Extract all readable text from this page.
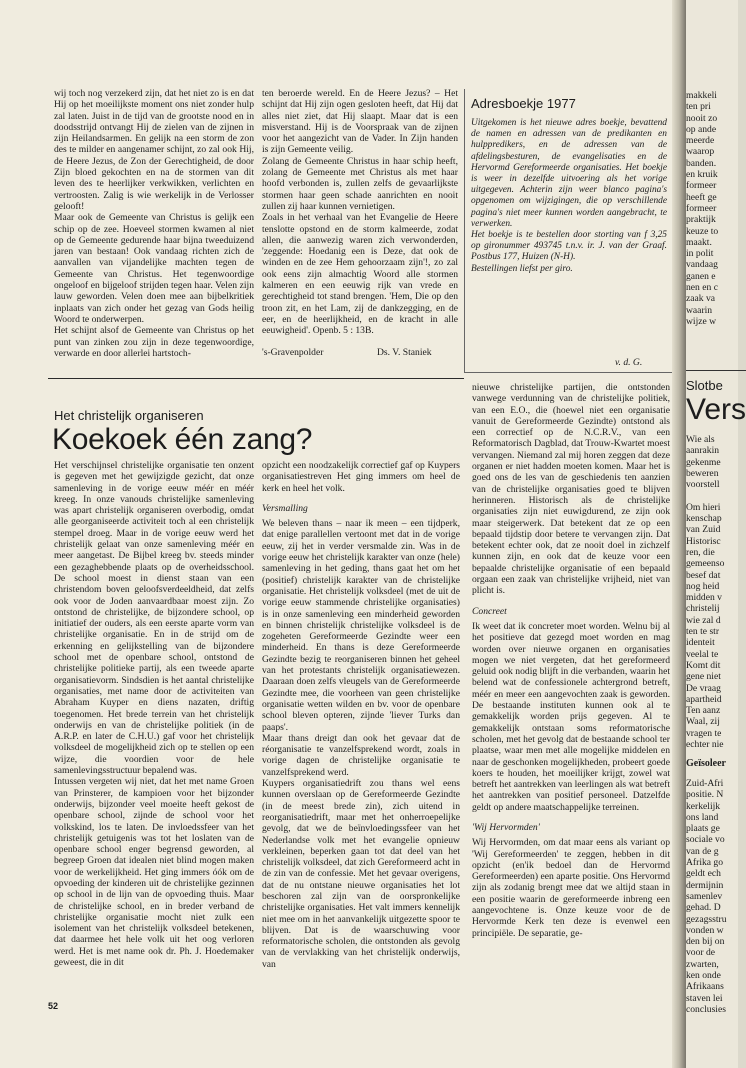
wij toch nog verzekerd zijn, dat het niet zo is en dat Hij op het moeilijkste moment ons niet zonder hulp zal laten. Juist in de tijd van de grootste nood en in doodsstrijd ontvangt Hij de zielen van de zijnen in zijn Heilandsarmen. En gelijk na een storm de zon des te milder en aangenamer schijnt, zo zal ook Hij, de Heere Jezus, de Zon der Gerechtigheid, de door Zijn bloed gekochten en na de stormen van dit leven des te heerlijker verkwikken, verlichten en vertroosten. Zalig is wie werkelijk in de Verlosser gelooft!

Maar ook de Gemeente van Christus is gelijk een schip op de zee. Hoeveel stormen kwamen al niet op de Gemeente gedurende haar bijna tweeduizend jaren van bestaan! Ook vandaag richten zich de aanvallen van vijandelijke machten tegen de Gemeente van Christus. Het tegenwoordige ongeloof en bijgeloof strijden tegen haar. Velen zijn lauw geworden. Velen doen mee aan bijbelkritiek inplaats van zich onder het gezag van Gods heilig Woord te onderwerpen.

Het schijnt alsof de Gemeente van Christus op het punt van zinken zou zijn in deze tegenwoordige, verwarde en door allerlei hartstoch-

ten beroerde wereld. En de Heere Jezus? – Het schijnt dat Hij zijn ogen gesloten heeft, dat Hij dat alles niet ziet, dat Hij slaapt. Maar dat is een misverstand. Hij is de Voorspraak van de zijnen voor het aangezicht van de Vader. In Zijn handen is zijn Gemeente veilig.

Zolang de Gemeente Christus in haar schip heeft, zolang de Gemeente met Christus als met haar hoofd verbonden is, zullen zelfs de gevaarlijkste stormen haar geen schade aanrichten en nooit zullen zij haar kunnen vernietigen.

Zoals in het verhaal van het Evangelie de Heere tenslotte opstond en de storm kalmeerde, zodat allen, die aanwezig waren zich verwonderden, 'zeggende: Hoedanig een is Deze, dat ook de winden en de zee Hem gehoorzaam zijn'!, zo zal ook eens zijn almachtig Woord alle stormen kalmeren en een eeuwig rijk van vrede en gerechtigheid tot stand brengen. 'Hem, Die op den troon zit, en het Lam, zij de dankzegging, en de eer, en de heerlijkheid, en de kracht in alle eeuwigheid'. Openb. 5 : 13B.

's-Gravenpolder	Ds. V. Staniek
Adresboekje 1977

Uitgekomen is het nieuwe adres boekje, bevattend de namen en adressen van de predikanten en hulppredikers, en de adressen van de afdelingsbesturen, de evangelisaties en de Hervormd Gereformeerde organisaties. Het boekje is weer in dezelfde uitvoering als het vorige uitgegeven. Achterin zijn weer blanco pagina's opgenomen om wijzigingen, die op verschillende pagina's niet meer kunnen worden aangebracht, te verwerken.

Het boekje is te bestellen door storting van f 3,25 op gironummer 493745 t.n.v. ir. J. van der Graaf. Postbus 177, Huizen (N-H).

Bestellingen liefst per giro.

v. d. G.
Het christelijk organiseren
Koekoek één zang?

Het verschijnsel christelijke organisatie ten onzent is gegeven met het gewijzigde gezicht, dat onze samenleving in de vorige eeuw méér en méér kreeg. In onze vanouds christelijke samenleving was apart christelijk organiseren overbodig, omdat alle georganiseerde activiteit toch al een christelijk stempel droeg. Maar in de vorige eeuw werd het christelijk gelaat van onze samenleving méér en meer aangetast. De Bijbel kreeg bv. steeds minder een gezaghebbende plaats op de overheidsschool. De school moest in dienst staan van een christendom boven geloofsverdeeldheid, dat zelfs ook voor de Joden aanvaardbaar moest zijn. Zo ontstond de christelijke, de bijzondere school, op initiatief der ouders, als een eerste aparte vorm van christelijke organisatie. En in de strijd om de erkenning en gelijkstelling van de bijzondere school met de openbare school, ontstond de christelijke politieke partij, als een tweede aparte organisatievorm. Sindsdien is het aantal christelijke organisaties, met name door de activiteiten van Abraham Kuyper en diens nazaten, driftig toegenomen. Het brede terrein van het christelijk onderwijs en van de christelijke politiek (in de A.R.P. en later de C.H.U.) gaf voor het christelijk volksdeel de mogelijkheid zich op te stellen op een wijze, die voordien voor de hele samenlevingsstructuur bepalend was.

Intussen vergeten wij niet, dat het met name Groen van Prinsterer, de kampioen voor het bijzonder onderwijs, bijzonder veel moeite heeft gekost de openbare school, zijnde de school voor het volkskind, los te laten. De invloedssfeer van het christelijk getuigenis was tot het loslaten van de openbare school enger begrensd geworden, al begreep Groen dat idealen niet blind mogen maken voor de werkelijkheid. Het ging immers óók om de opvoeding der kinderen uit de christelijke gezinnen op school in de lijn van de opvoeding thuis. Maar de christelijke school, en in breder verband de christelijke organisatie mocht niet zulk een isolement van het christelijk volksdeel betekenen, dat daarmee het hele volk uit het oog verloren werd. Het is met name ook dr. Ph. J. Hoedemaker geweest, die in dit

opzicht een noodzakelijk correctief gaf op Kuypers organisatiestreven Het ging immers om heel de kerk en heel het volk.

Versmalling

We beleven thans – naar ik meen – een tijdperk, dat enige parallellen vertoont met dat in de vorige eeuw, zij het in verder versmalde zin. Was in de vorige eeuw het christelijk karakter van onze (hele) samenleving in het geding, thans gaat het om het (positief) christelijk karakter van de christelijke organisatie. Het christelijk volksdeel (met de uit de vorige eeuw stammende christelijke organisaties) is in onze samenleving een minderheid geworden en binnen christelijk christelijke volksdeel is de zogeheten Gereformeerde Gezindte weer een minderheid. En thans is deze Gereformeerde Gezindte bezig te reorganiseren binnen het geheel van het protestants christelijk organisatiewezen. Daaraan doen zelfs vleugels van de Gereformeerde Gezindte mee, die voorheen van geen christelijke organisatie wetten wilden en bv. voor de openbare school bleven opteren, zijnde 'liever Turks dan paaps'.

Maar thans dreigt dan ook het gevaar dat de réorganisatie te vanzelfsprekend wordt, zoals in vorige dagen de christelijke organisatie te vanzelfsprekend werd.

Kuypers organisatiedrift zou thans wel eens kunnen overslaan op de Gereformeerde Gezindte (in de meest brede zin), zich uitend in reorganisatiedrift, maar met het onherroepelijke gevolg, dat we de beïnvloedingssfeer van het Nederlandse volk met het evangelie opnieuw verkleinen, beperken gaan tot dat deel van het christelijk volksdeel, dat zich Gereformeerd acht in de zin van de confessie. Met het gevaar overigens, dat de nu ontstane nieuwe organisaties het lot beschoren zal zijn van de oorspronkelijke christelijke organisaties. Het valt immers kennelijk niet mee om in het aanvankelijk uitgezette spoor te blijven. Dat is de waarschuwing voor reformatorische scholen, die ontstonden als gevolg van de vervlakking van het christelijk onderwijs, van

nieuwe christelijke partijen, die ontstonden vanwege verdunning van de christelijke politiek, van een E.O., die (hoewel niet een organisatie vanuit de Gereformeerde Gezindte) ontstond als een correctief op de N.C.R.V., van een Reformatorisch Dagblad, dat Trouw-Kwartet moest vervangen. Niemand zal mij horen zeggen dat deze organen er niet hadden moeten komen. Maar het is goed ons de les van de geschiedenis ten aanzien van de christelijke organisaties goed te blijven herinneren. Historisch als de christelijke organisaties zijn niet euwigdurend, ze zijn ook maar steigerwerk. Dat betekent dat ze op een bepaald tijdstip door betere te vervangen zijn. Dat betekent echter ook, dat ze nooit doel in zichzelf kunnen zijn, en ook dat de keuze voor een bepaalde christelijke organisatie of een bepaald orgaan een zaak van christelijke vrijheid, niet van plicht is.

Concreet

Ik weet dat ik concreter moet worden. Welnu bij al het positieve dat gezegd moet worden en mag worden over nieuwe organen en organisaties mogen we niet vergeten, dat het gereformeerd geluid ook nodig blijft in die verbanden, waarin het belend wat de confessionele achtergrond betreft, méér en meer een aangevochten zaak is geworden. De bestaande instituten kunnen ook al te gemakkelijk worden prijs gegeven. Al te gemakkelijk ontstaan soms reformatorische scholen, met het gevolg dat de bestaande school ter plaatse, waar men met alle mogelijke middelen en naar de geschonken mogelijkheden, probeert goede koers te houden, het moeilijker krijgt, zowel wat betreft het aantrekken van leerlingen als wat betreft het aantrekken van positief personeel. Datzelfde geldt op andere maatschappelijke terreinen.

'Wij Hervormden'

Wij Hervormden, om dat maar eens als variant op 'Wij Gereformeerden' te zeggen, hebben in dit opzicht (en'ik bedoel dan de Hervormd Gereformeerden) een aparte positie. Ons Hervormd zijn als zodanig brengt mee dat we altijd staan in een positie waarin de gereformeerde inbreng een aangevochtene is. Onze keuze voor de de Hervormde Kerk ten deze is evenwel een principiële. De separatie, ge-

52
makkeli
ten pri
nooit zo
op ande
meerde
waarop
banden.
en kruik
formeer
heeft ge
formeer
praktijk
keuze to
maakt.
in polit
vandaag
ganen e
nen en c
zaak va
waarin
wijze w
Slotbe
Vers
Wie als
aanrakin
gekenme
beweren
voorstell
Om hieri
kenschap
van Zuid
Historisc
ren, die
gemeenso
besef dat
nog heid
midden v
christelij
wie zal d
ten te str
identeit
veelal te
Komt dit
gene niet
De vraag
apartheid
Ten aanz
Waal, zij
vragen te
echter nie
Geïsoleer
Zuid-Afri
positie. N
kerkelijk
ons land
plaats ge
sociale vo
van de g
Afrika go
geldt ech
dermijnin
samenlev
gehad. D
gezagsstru
vonden w
den bij on
voor de
zwarten,
ken onde
Afrikaans
staven lei
conclusies
